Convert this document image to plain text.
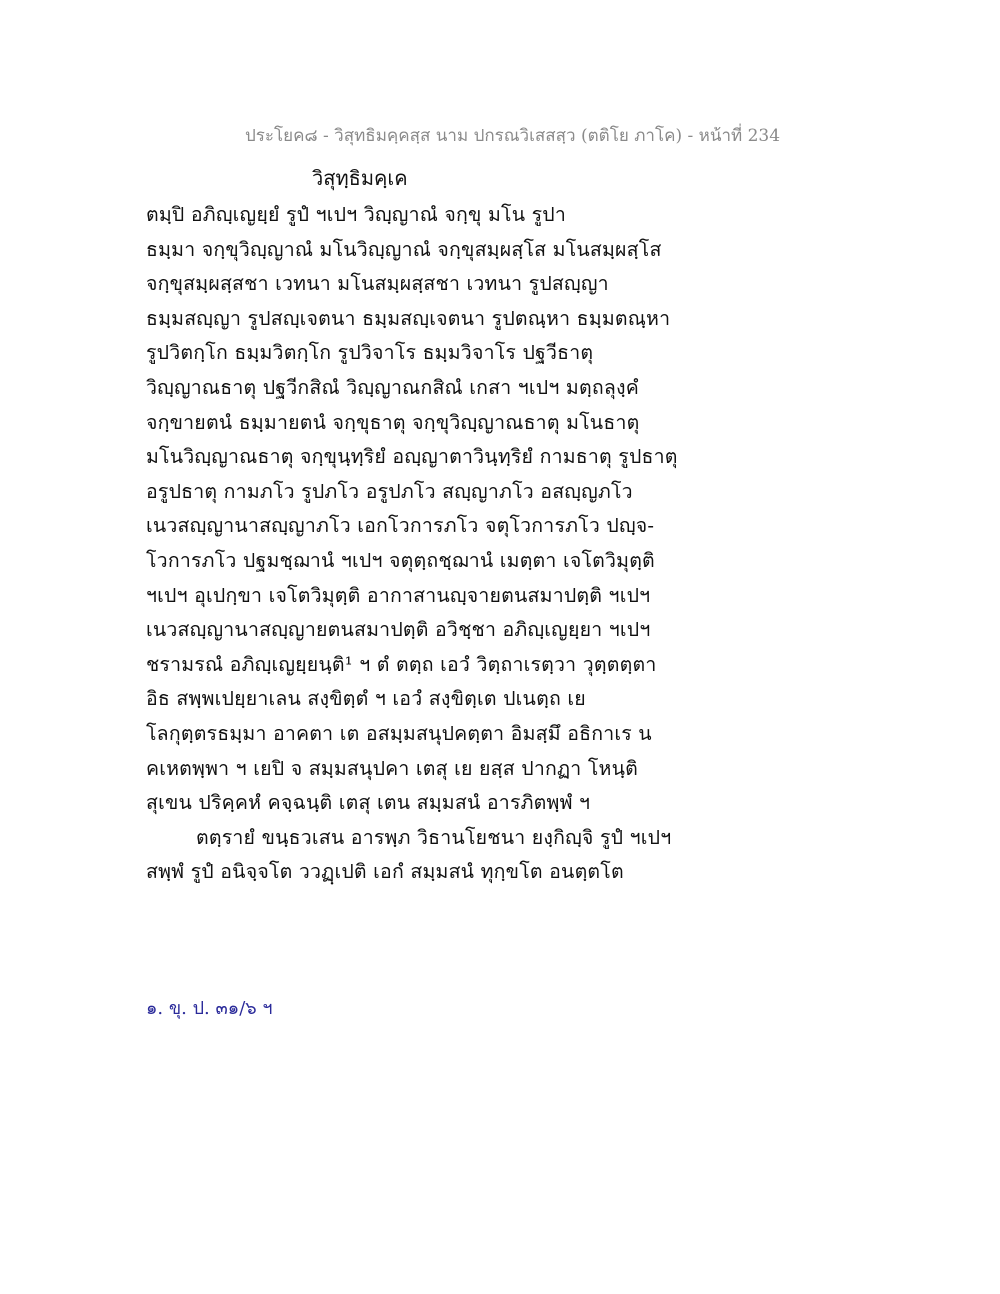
ประโยค๘ - วิสุทธิมคฺคสฺส นาม ปกรณวิเสสสฺว (ตติโย ภาโค) - หน้าที่ 234
วิสุทฺธิมคฺเค
ตมฺปิ อภิญฺเญยฺยํ รูปํ ฯเปฯ วิญฺญาณํ จกฺขุ มโน รูปา
ธมฺมา จกฺขุวิญฺญาณํ มโนวิญฺญาณํ จกฺขุสมฺผสฺโส มโนสมฺผสฺโส
จกฺขุสมฺผสฺสชา เวทนา มโนสมฺผสฺสชา เวทนา รูปสญฺญา
ธมฺมสญฺญา รูปสญฺเจตนา ธมฺมสญฺเจตนา รูปตณฺหา ธมฺมตณฺหา
รูปวิตกฺโก ธมฺมวิตกฺโก รูปวิจาโร ธมฺมวิจาโร ปฐวีธาตุ
วิญฺญาณธาตุ ปฐวีกสิณํ วิญฺญาณกสิณํ เกสา ฯเปฯ มตฺถลุงฺคํ
จกฺขายตนํ ธมฺมายตนํ จกฺขุธาตุ จกฺขุวิญฺญาณธาตุ มโนธาตุ
มโนวิญฺญาณธาตุ จกฺขุนฺทฺริยํ อญฺญาตาวินฺทฺริยํ กามธาตุ รูปธาตุ
อรูปธาตุ กามภโว รูปภโว อรูปภโว สญฺญาภโว อสญฺญภโว
เนวสญฺญานาสญฺญาภโว เอกโวการภโว จตุโวการภโว ปญฺจ-
โวการภโว ปฐมชฺฌานํ ฯเปฯ จตุตฺถชฺฌานํ เมตฺตา เจโตวิมุตฺติ
ฯเปฯ อุเปกฺขา เจโตวิมุตฺติ อากาสานญฺจายตนสมาปตฺติ ฯเปฯ
เนวสญฺญานาสญฺญายตนสมาปตฺติ อวิชฺชา อภิญฺเญยฺยา ฯเปฯ
ชรามรณํ อภิญฺเญยฺยนฺติ¹ ฯ ตํ ตตฺถ เอวํ วิตฺถาเรตฺวา วุตฺตตฺตา
อิธ สพฺพเปยฺยาเลน สงฺขิตฺตํ ฯ เอวํ สงฺขิตฺเต ปเนตฺถ เย
โลกุตฺตรธมฺมา อาคตา เต อสมฺมสนุปคตฺตา อิมสฺมึ อธิกาเร น
คเหตพฺพา ฯ เยปิ จ สมฺมสนุปคา เตสุ เย ยสฺส ปากฏา โหนฺติ
สุเขน ปริคฺคหํ คจฺฉนฺติ เตสุ เตน สมฺมสนํ อารภิตพฺพํ ฯ
ตตฺรายํ ขนฺธวเสน อารพฺภ วิธานโยชนา ยงฺกิญฺจิ รูปํ ฯเปฯ
สพฺพํ รูปํ อนิจฺจโต ววฏฺเปติ เอกํ สมฺมสนํ ทุกฺขโต อนตฺตโต
๑. ขุ. ป. ๓๑/๖ ฯ
